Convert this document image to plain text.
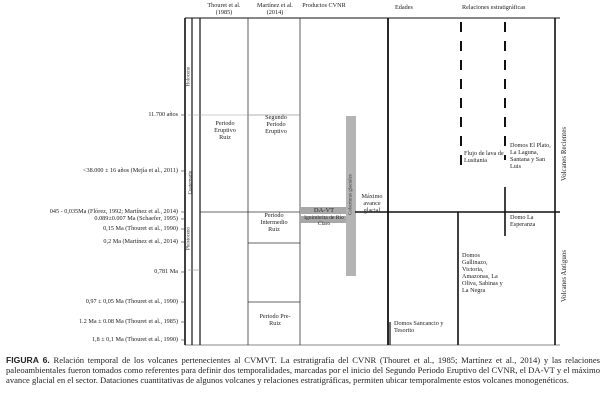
Thouret et al. (1985)
Martínez et al. (2014)
Productos CVNR	Edades	Relaciones estratigráficas
Holoceno
Cuaternario
Pleistoceno
11.700 años
<38.000 ± 16 años (Mejía et al., 2011)
045 - 0,035Ma (Flórez, 1992; Martínez et al., 2014)
0.089±0.007 Ma (Schaefer, 1995)
0,15 Ma (Thouret et al., 1990)
0,2 Ma (Martínez et al., 2014)
0,781 Ma
0,97 ± 0,05 Ma (Thouret et al., 1990)
1.2 Ma ± 0.08 Ma (Thouret et al., 1985)
1,8 ± 0,1 Ma (Thouret et al., 1990)
Periodo Eruptivo Ruiz
Segundo Periodo Eruptivo
Periodo Intermedio Ruiz
Periodo Pre-Ruiz
DA-VT
Ignimbrita de Río Claro
Coberturas glaciales	Máximo avance glacial
Flujo de lava de Lusitania
Domos El Plato, La Laguna, Santana y San Luis
Domo La Esperanza
Domos Gallinazo, Victoria, Amazonas, La Oliva, Sabinas y La Negra
Domos Sancancio y Tesorito
Volcanes Recientes
Volcanes Antiguos
FIGURA 6. Relación temporal de los volcanes pertenecientes al CVMVT. La estratigrafía del CVNR (Thouret et al., 1985; Martínez et al., 2014) y las relaciones paleoambientales fueron tomados como referentes para definir dos temporalidades, marcadas por el inicio del Segundo Periodo Eruptivo del CVNR, el DA-VT y el máximo avance glacial en el sector. Dataciones cuantitativas de algunos volcanes y relaciones estratigráficas, permiten ubicar temporalmente estos volcanes monogenéticos.
